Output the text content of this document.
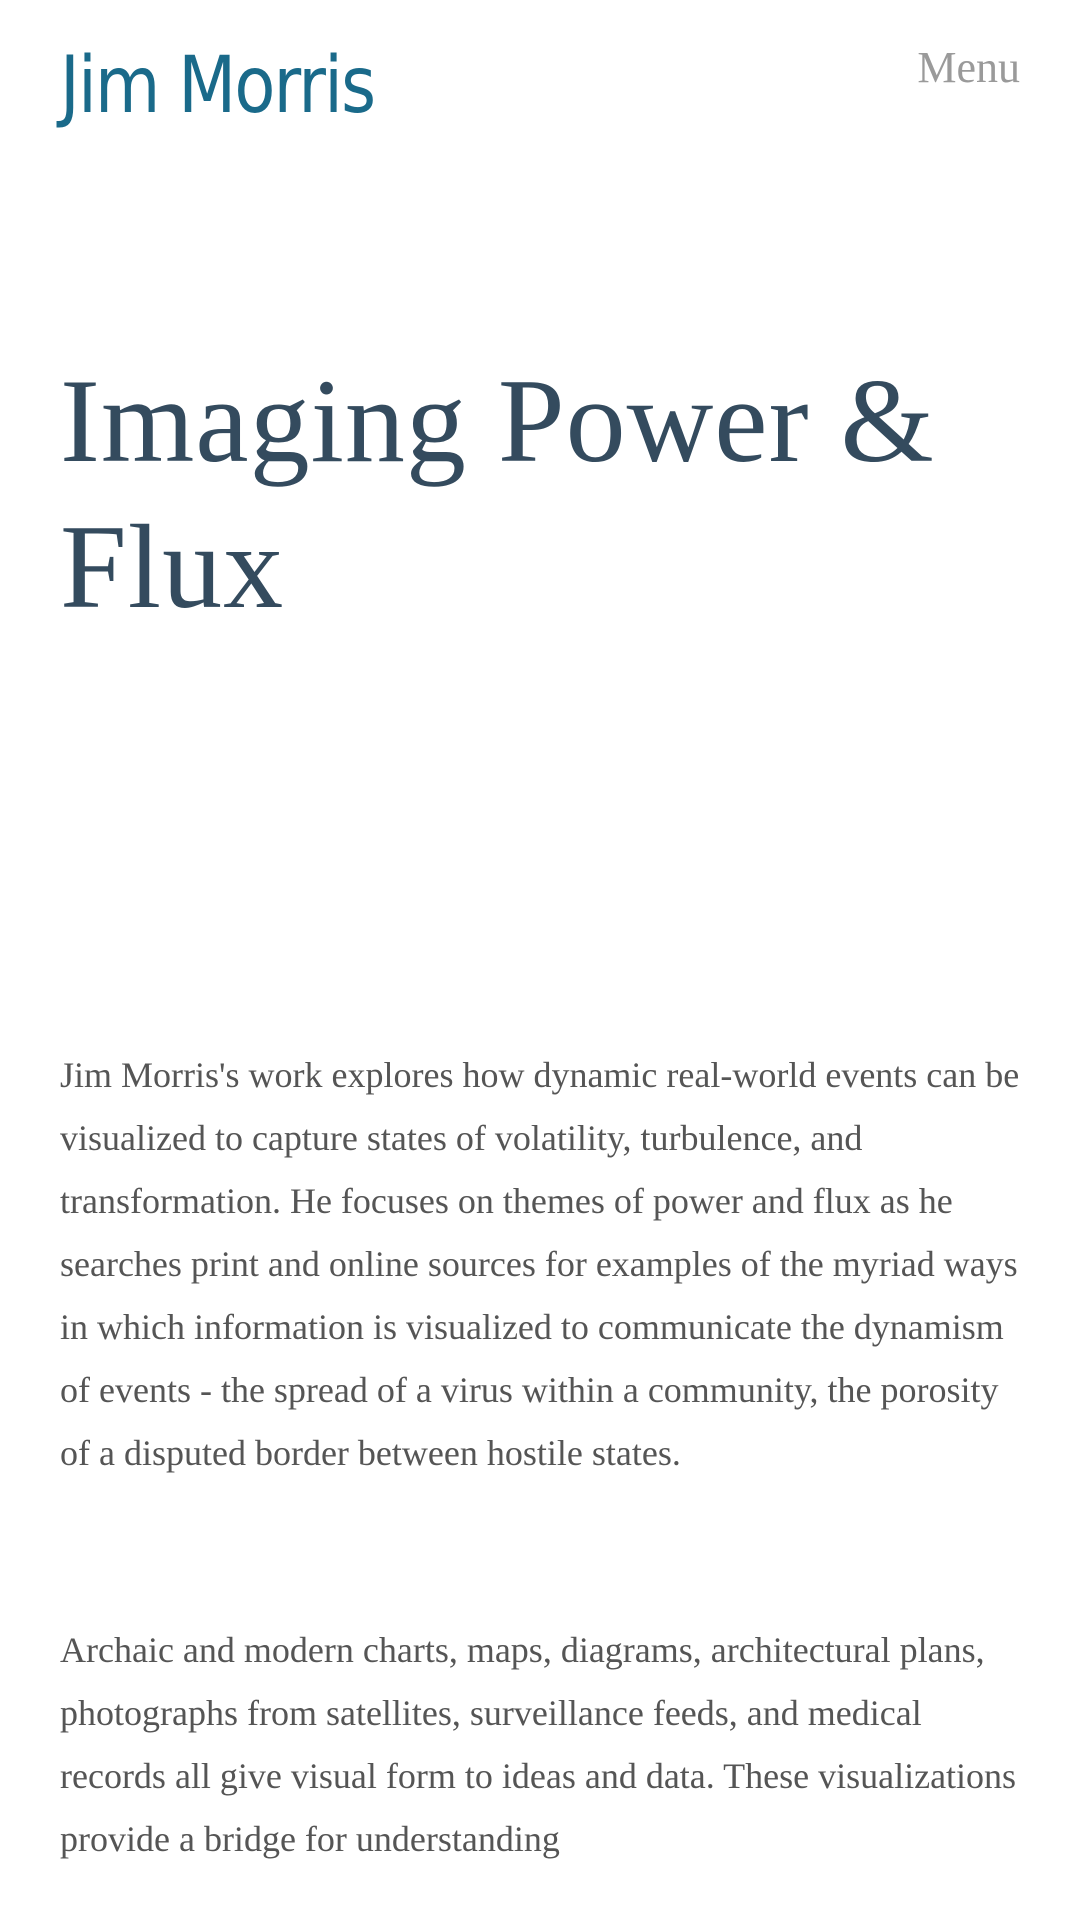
Jim Morris	Menu
Imaging Power & Flux

Jim Morris's work explores how dynamic real-world events can be visualized to capture states of volatility, turbulence, and transformation. He focuses on themes of power and flux as he searches print and online sources for examples of the myriad ways in which information is visualized to communicate the dynamism of events - the spread of a virus within a community, the porosity of a disputed border between hostile states.

Archaic and modern charts, maps, diagrams, architectural plans, photographs from satellites, surveillance feeds, and medical records all give visual form to ideas and data. These visualizations provide a bridge for understanding
